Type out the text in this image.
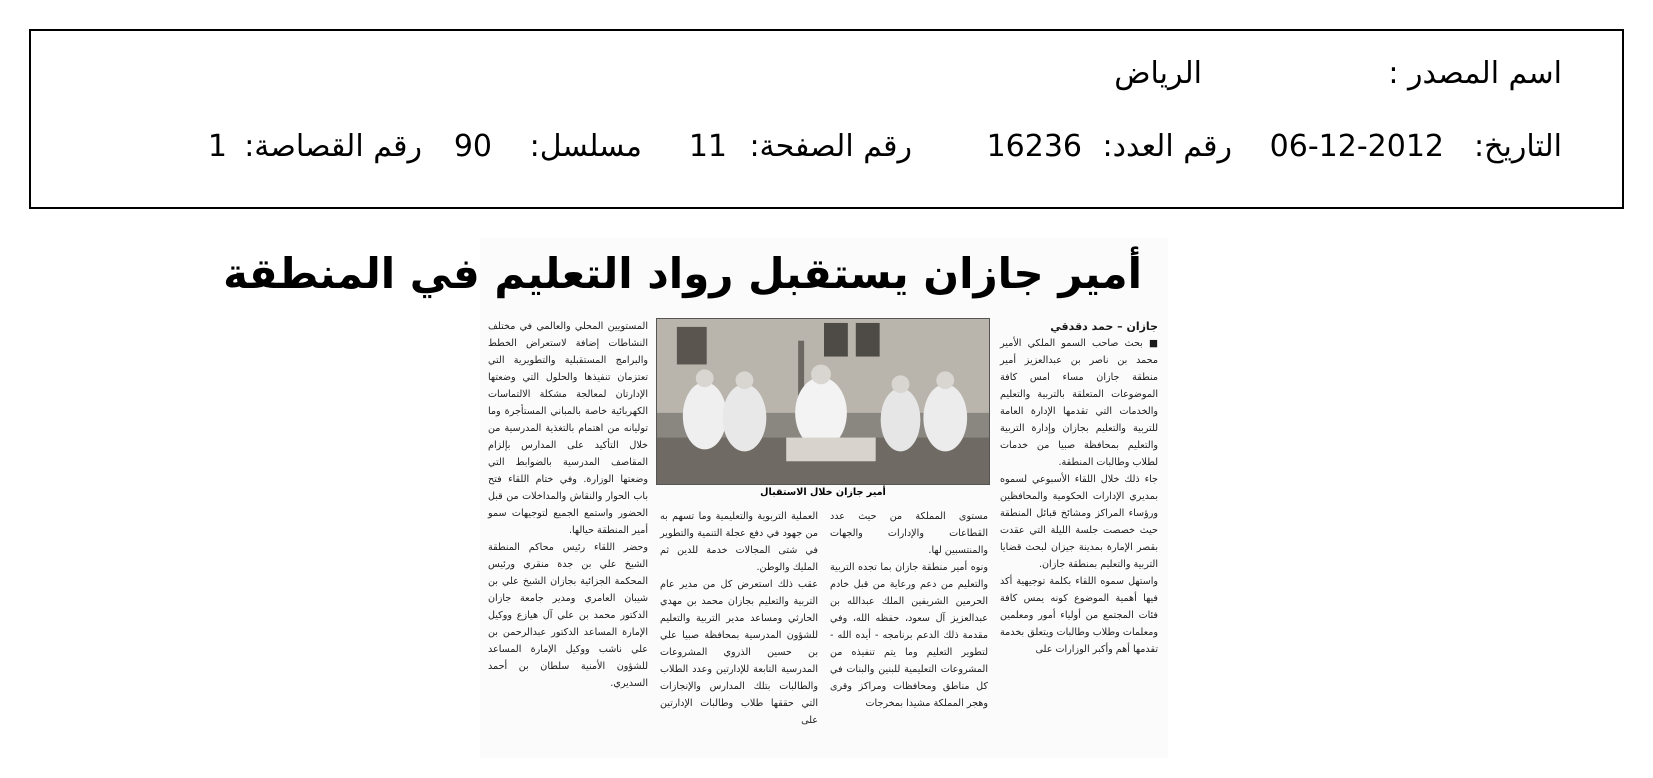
اسم المصدر :
الرياض
التاريخ:
06-12-2012
رقم العدد:
16236
رقم الصفحة:
11
مسلسل:
90
رقم القصاصة:
1
أمير جازان يستقبل رواد التعليم في المنطقة

جازان – حمد دقدقي

■ بحث صاحب السمو الملكي الأمير محمد بن ناصر بن عبدالعزيز أمير منطقة جازان مساء امس كافة الموضوعات المتعلقة بالتربية والتعليم والخدمات التي تقدمها الإدارة العامة للتربية والتعليم بجازان وإدارة التربية والتعليم بمحافظة صبيا من خدمات لطلاب وطالبات المنطقة.

جاء ذلك خلال اللقاء الأسبوعي لسموه بمديري الإدارات الحكومية والمحافظين ورؤساء المراكز ومشائخ قبائل المنطقة حيث خصصت جلسة الليلة التي عقدت بقصر الإمارة بمدينة جيزان لبحث قضايا التربية والتعليم بمنطقة جازان.

واستهل سموه اللقاء بكلمة توجيهية أكد فيها أهمية الموضوع كونه يمس كافة فئات المجتمع من أولياء أمور ومعلمين ومعلمات وطلاب وطالبات ويتعلق بخدمة تقدمها أهم وأكبر الوزارات على

أمير جازان خلال الاستقبال

مستوى المملكة من حيث عدد القطاعات والإدارات والجهات والمنتسبين لها.

ونوه أمير منطقة جازان بما تجده التربية والتعليم من دعم ورعاية من قبل خادم الحرمين الشريفين الملك عبدالله بن عبدالعزيز آل سعود، حفظه الله، وفي مقدمة ذلك الدعم برنامجه - أيده الله - لتطوير التعليم وما يتم تنفيذه من المشروعات التعليمية للبنين والبنات في كل مناطق ومحافظات ومراكز وقرى وهجر المملكة مشيدا بمخرجات

العملية التربوية والتعليمية وما تسهم به من جهود في دفع عجلة التنمية والتطوير في شتى المجالات خدمة للدين ثم المليك والوطن.

عقب ذلك استعرض كل من مدير عام التربية والتعليم بجازان محمد بن مهدي الحارثي ومساعد مدير التربية والتعليم للشؤون المدرسية بمحافظة صبيا علي بن حسين الذروي المشروعات المدرسية التابعة للإدارتين وعدد الطلاب والطالبات بتلك المدارس والإنجازات التي حققها طلاب وطالبات الإدارتين على

المستويين المحلي والعالمي في مختلف النشاطات إضافة لاستعراض الخطط والبرامج المستقبلية والتطويرية التي تعتزمان تنفيذها والحلول التي وضعتها الإدارتان لمعالجة مشكلة الالتماسات الكهربائية خاصة بالمباني المستأجرة وما توليانه من اهتمام بالتغذية المدرسية من خلال التأكيد على المدارس بإلزام المقاصف المدرسية بالضوابط التي وضعتها الوزارة. وفي ختام اللقاء فتح باب الحوار والنقاش والمداخلات من قبل الحضور واستمع الجميع لتوجيهات سمو أمير المنطقة حيالها.

وحضر اللقاء رئيس محاكم المنطقة الشيخ علي بن جدة منقري ورئيس المحكمة الجزائية بجازان الشيخ علي بن شيبان العامري ومدير جامعة جازان الدكتور محمد بن علي آل هيازع ووكيل الإمارة المساعد الدكتور عبدالرحمن بن علي ناشب ووكيل الإمارة المساعد للشؤون الأمنية سلطان بن أحمد السديري.
